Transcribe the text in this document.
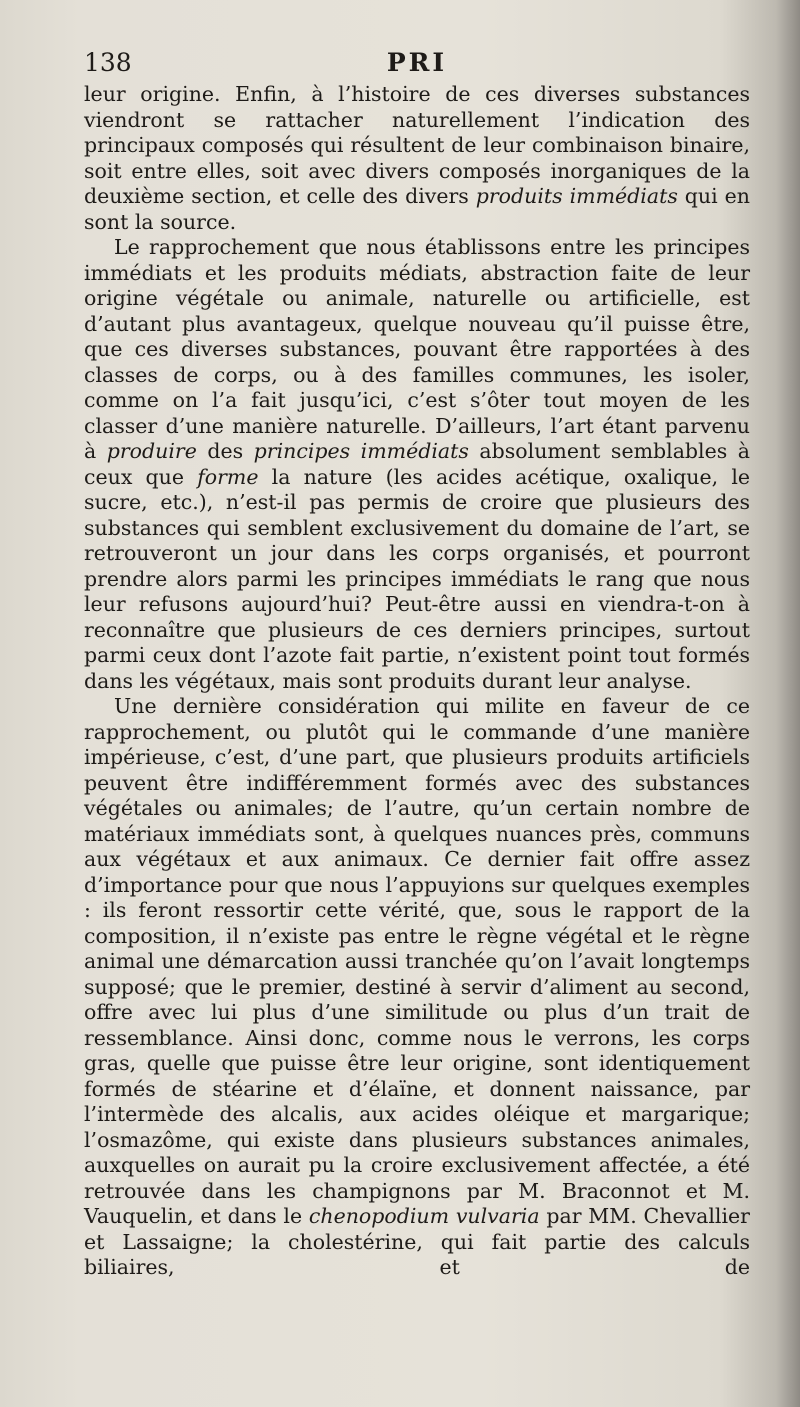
138	PRI

leur origine. Enfin, à l’histoire de ces diverses substances viendront se rattacher naturellement l’indication des principaux composés qui résultent de leur combinaison binaire, soit entre elles, soit avec divers composés inorganiques de la deuxième section, et celle des divers produits immédiats qui en sont la source.

Le rapprochement que nous établissons entre les principes immédiats et les produits médiats, abstraction faite de leur origine végétale ou animale, naturelle ou artificielle, est d’autant plus avantageux, quelque nouveau qu’il puisse être, que ces diverses substances, pouvant être rapportées à des classes de corps, ou à des familles communes, les isoler, comme on l’a fait jusqu’ici, c’est s’ôter tout moyen de les classer d’une manière naturelle. D’ailleurs, l’art étant parvenu à produire des principes immédiats absolument semblables à ceux que forme la nature (les acides acétique, oxalique, le sucre, etc.), n’est-il pas permis de croire que plusieurs des substances qui semblent exclusivement du domaine de l’art, se retrouveront un jour dans les corps organisés, et pourront prendre alors parmi les principes immédiats le rang que nous leur refusons aujourd’hui? Peut-être aussi en viendra-t-on à reconnaître que plusieurs de ces derniers principes, surtout parmi ceux dont l’azote fait partie, n’existent point tout formés dans les végétaux, mais sont produits durant leur analyse.

Une dernière considération qui milite en faveur de ce rapprochement, ou plutôt qui le commande d’une manière impérieuse, c’est, d’une part, que plusieurs produits artificiels peuvent être indifféremment formés avec des substances végétales ou animales; de l’autre, qu’un certain nombre de matériaux immédiats sont, à quelques nuances près, communs aux végétaux et aux animaux. Ce dernier fait offre assez d’importance pour que nous l’appuyions sur quelques exemples : ils feront ressortir cette vérité, que, sous le rapport de la composition, il n’existe pas entre le règne végétal et le règne animal une démarcation aussi tranchée qu’on l’avait longtemps supposé; que le premier, destiné à servir d’aliment au second, offre avec lui plus d’une similitude ou plus d’un trait de ressemblance. Ainsi donc, comme nous le verrons, les corps gras, quelle que puisse être leur origine, sont identiquement formés de stéarine et d’élaïne, et donnent naissance, par l’intermède des alcalis, aux acides oléique et margarique; l’osmazôme, qui existe dans plusieurs substances animales, auxquelles on aurait pu la croire exclusivement affectée, a été retrouvée dans les champignons par M. Braconnot et M. Vauquelin, et dans le chenopodium vulvaria par MM. Chevallier et Lassaigne; la cholestérine, qui fait partie des calculs biliaires, et de
